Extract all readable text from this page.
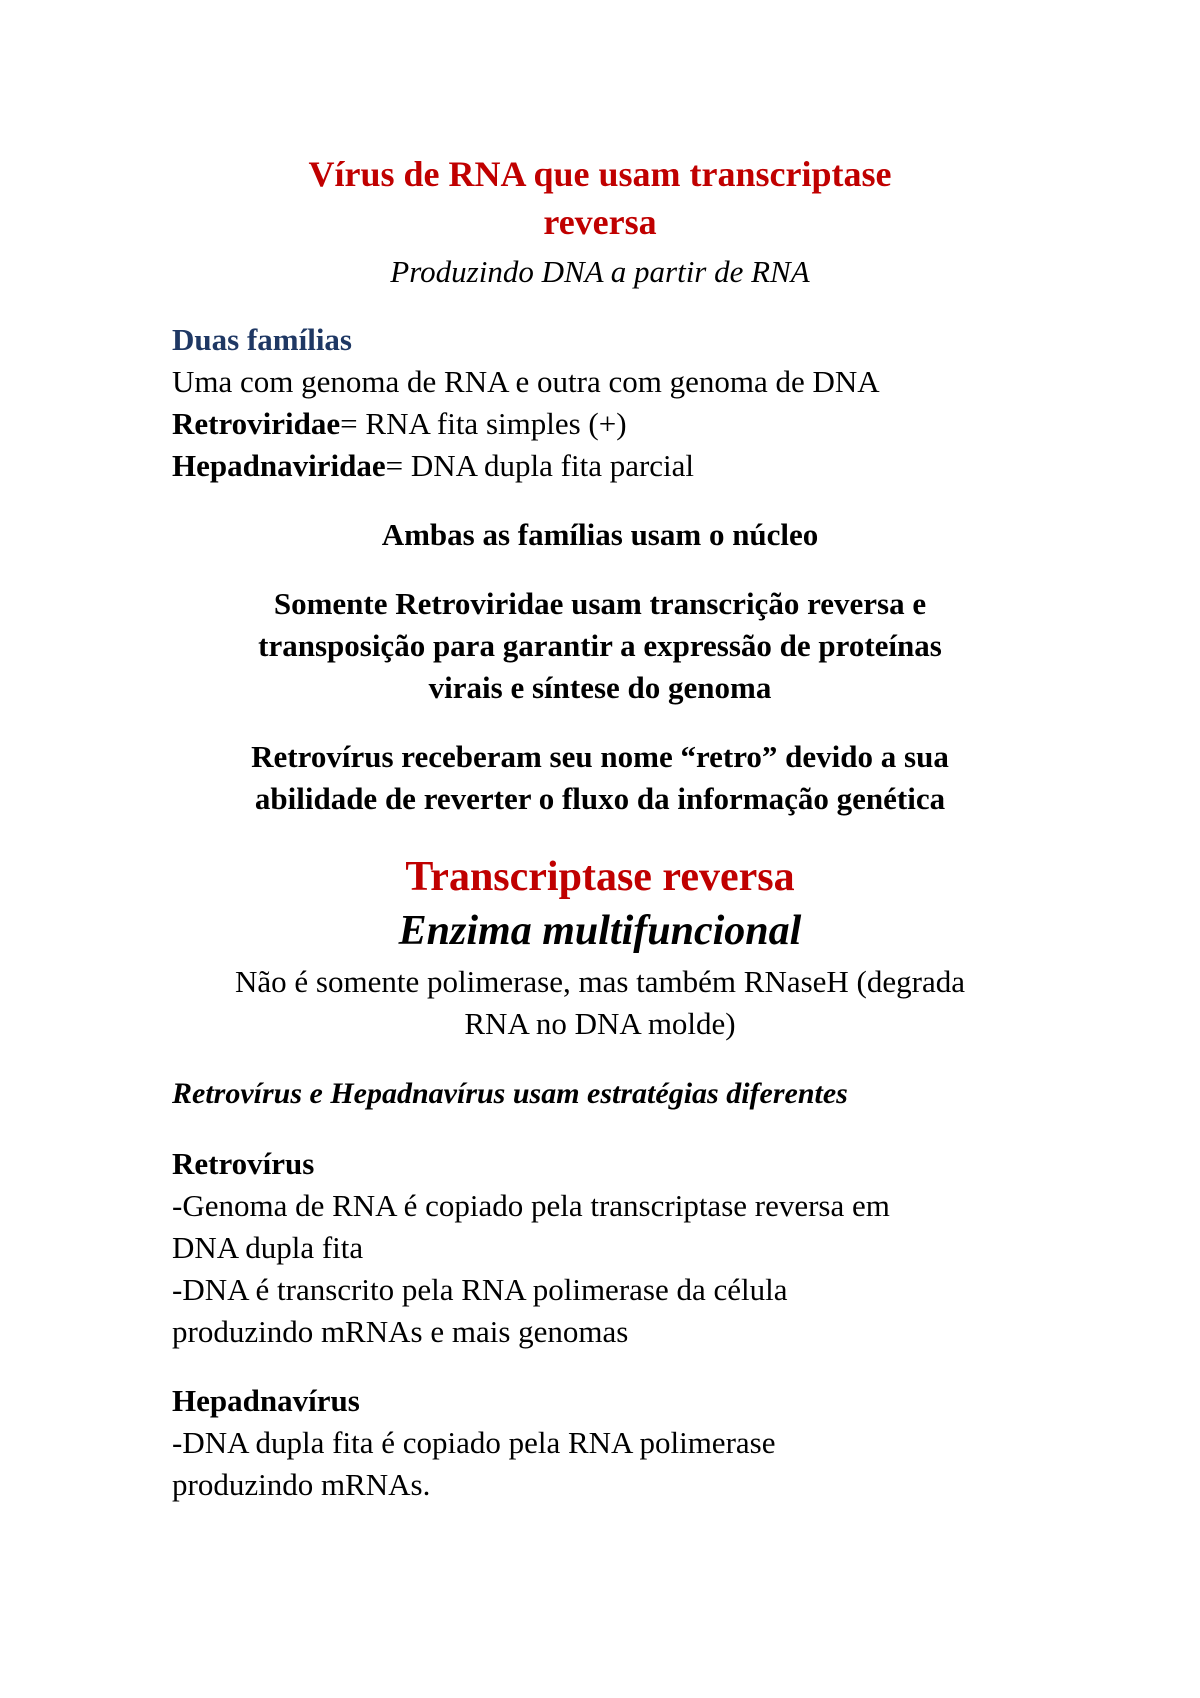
Vírus de RNA que usam transcriptase
reversa
Produzindo DNA a partir de RNA
Duas famílias
Uma com genoma de RNA e outra com genoma de DNA
Retroviridae= RNA fita simples (+)
Hepadnaviridae= DNA dupla fita parcial
Ambas as famílias usam o núcleo
Somente Retroviridae usam transcrição reversa e
transposição para garantir a expressão de proteínas
virais e síntese do genoma
Retrovírus receberam seu nome “retro” devido a sua
abilidade de reverter o fluxo da informação genética
Transcriptase reversa
Enzima multifuncional
Não é somente polimerase, mas também RNaseH (degrada
RNA no DNA molde)
Retrovírus e Hepadnavírus usam estratégias diferentes
Retrovírus
-Genoma de RNA é copiado pela transcriptase reversa em
DNA dupla fita
-DNA é transcrito pela RNA polimerase da célula
produzindo mRNAs e mais genomas
Hepadnavírus
-DNA dupla fita é copiado pela RNA polimerase
produzindo mRNAs.
